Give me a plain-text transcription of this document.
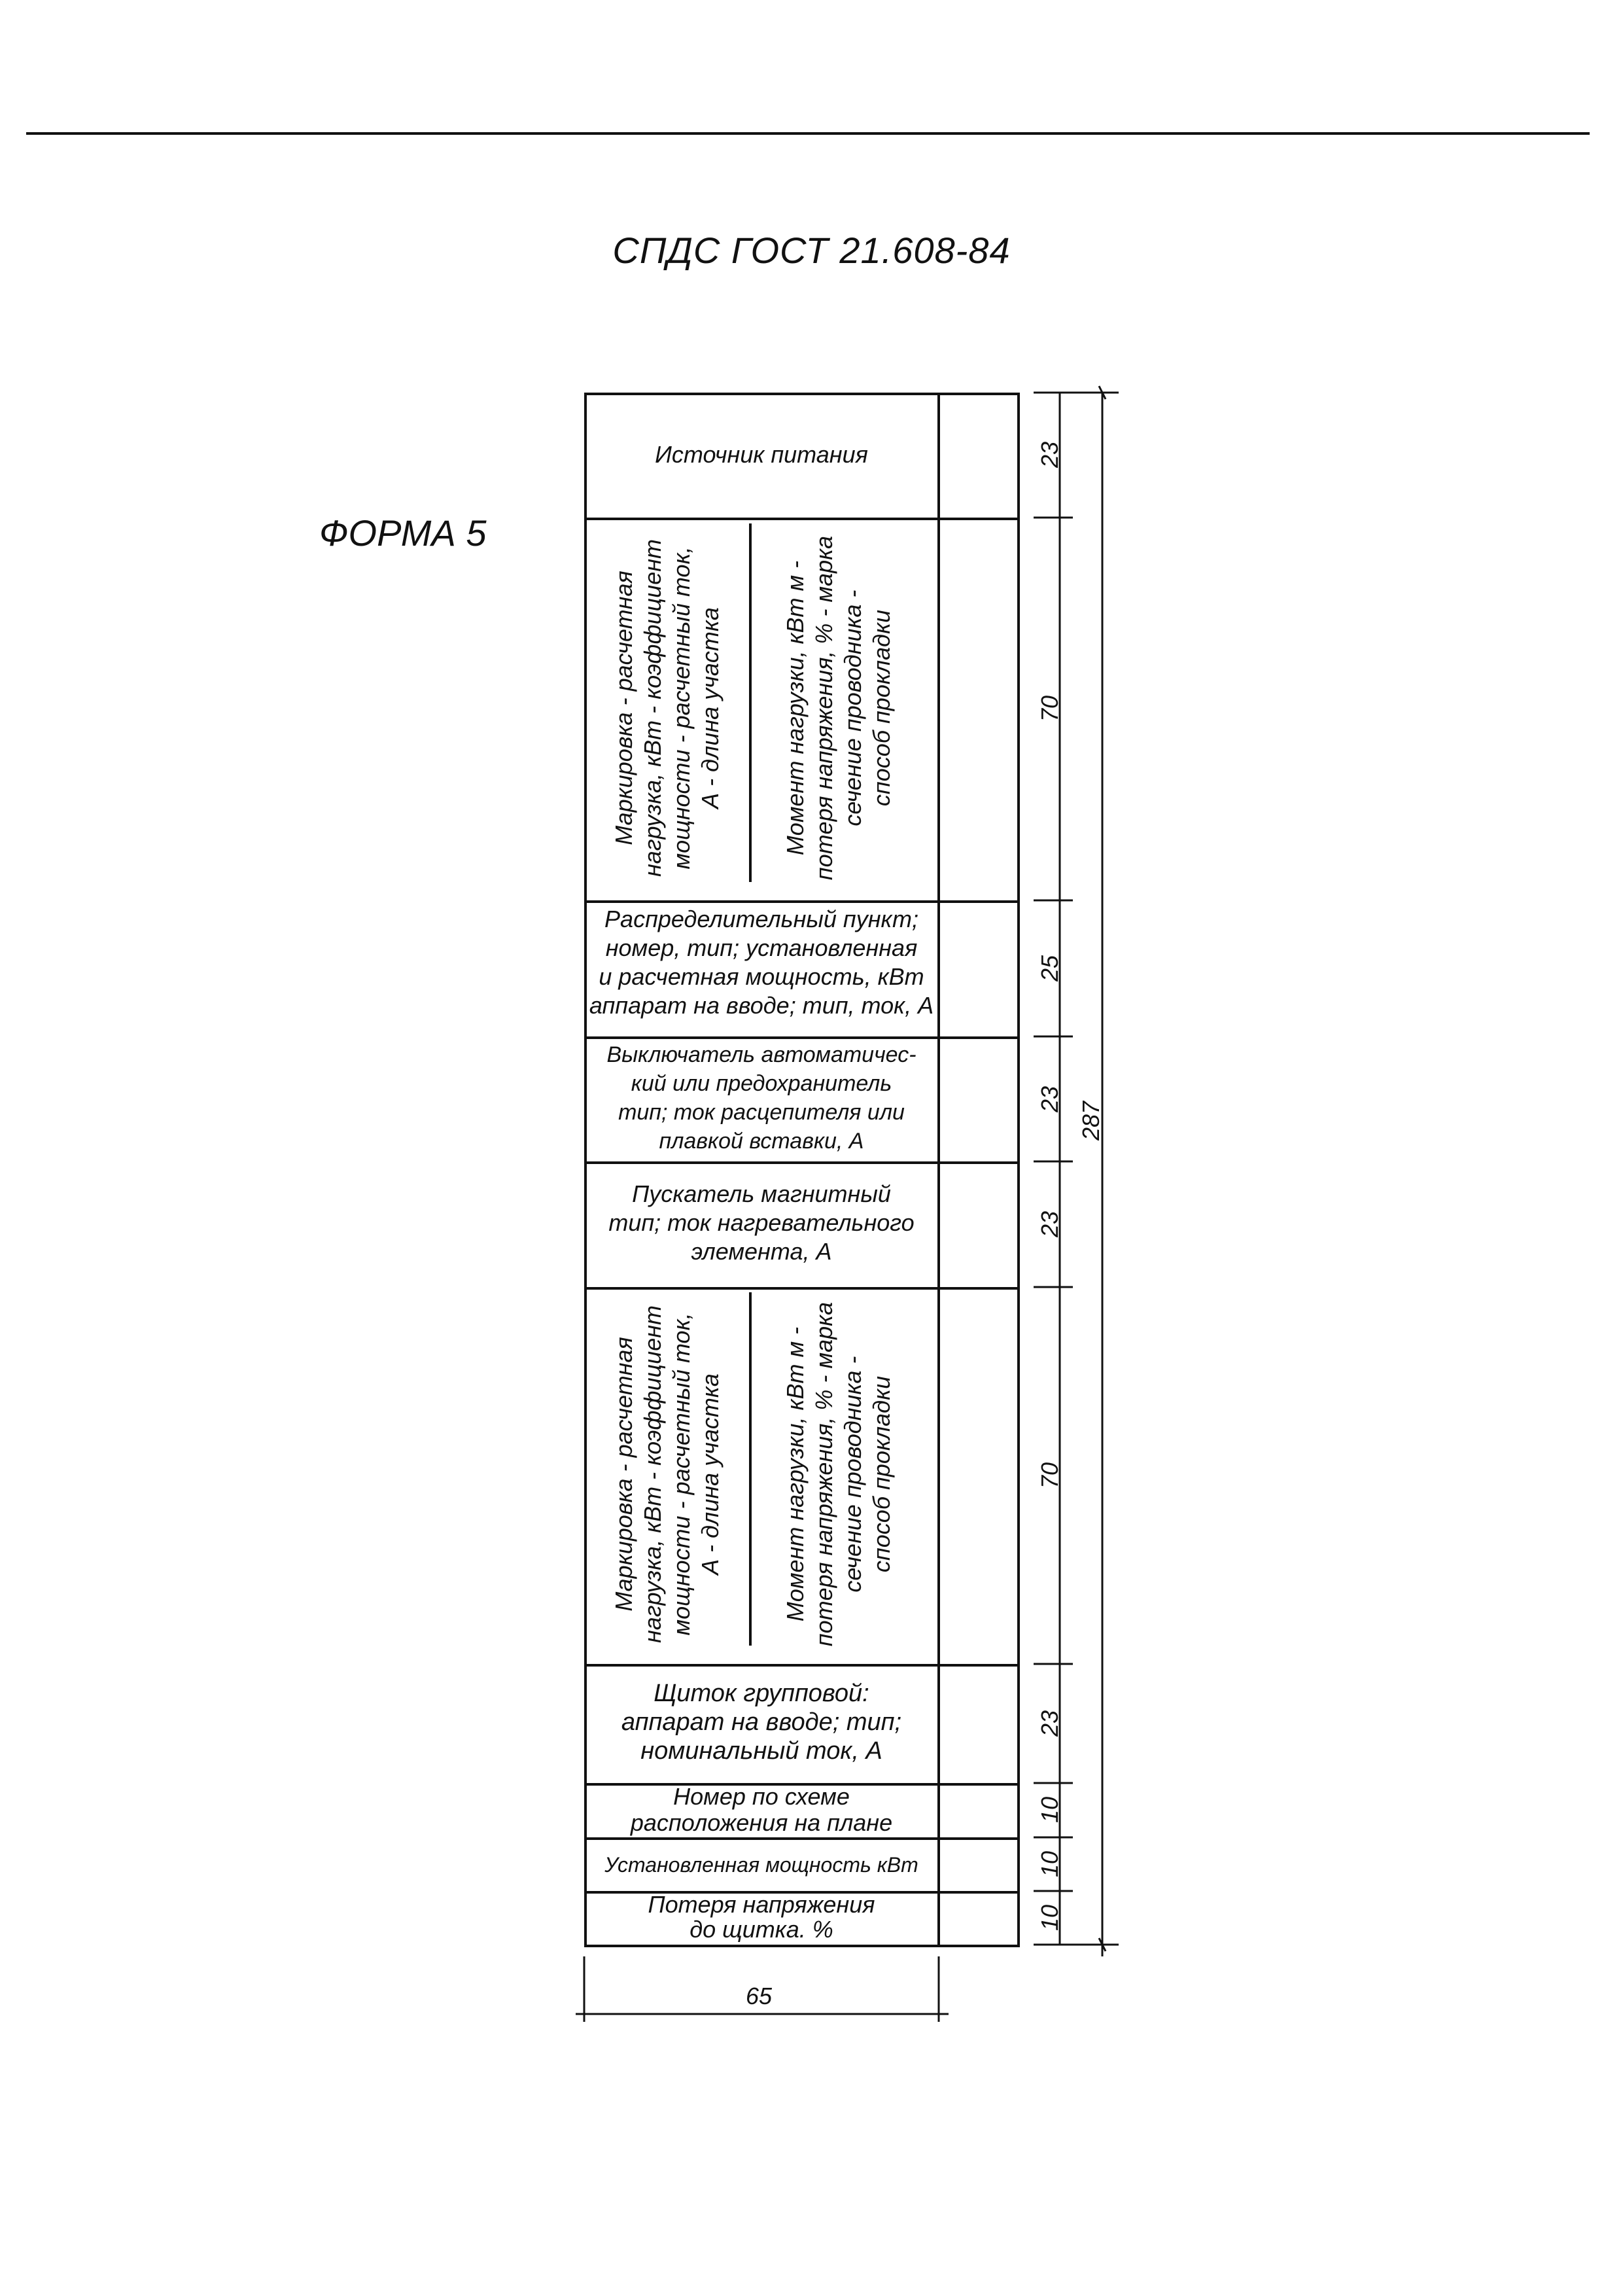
СПДС ГОСТ 21.608-84
ФОРМА 5
Источник питания
Маркировка - расчетная нагрузка, кВт - коэффициент мощности - расчетный ток, А - длина участка Момент нагрузки, кВт м - потеря напряжения, % - марка сечение проводника - способ прокладки
Распределительный пункт;
номер, тип; установленная
и расчетная мощность, кВт
аппарат на вводе; тип, ток, А
Выключатель автоматичес-
кий или предохранитель
тип; ток расцепителя или
плавкой вставки, А
Пускатель магнитный
тип; ток нагревательного
элемента, А
Маркировка - расчетная нагрузка, кВт - коэффициент мощности - расчетный ток, А - длина участка Момент нагрузки, кВт м - потеря напряжения, % - марка сечение проводника - способ прокладки
Щиток групповой:
аппарат на вводе; тип;
номинальный ток, А
Номер по схеме
расположения на плане
Установленная мощность кВт
Потеря напряжения
до щитка. %
23
70
25
23
23
70
23
10
10
10
287
65
